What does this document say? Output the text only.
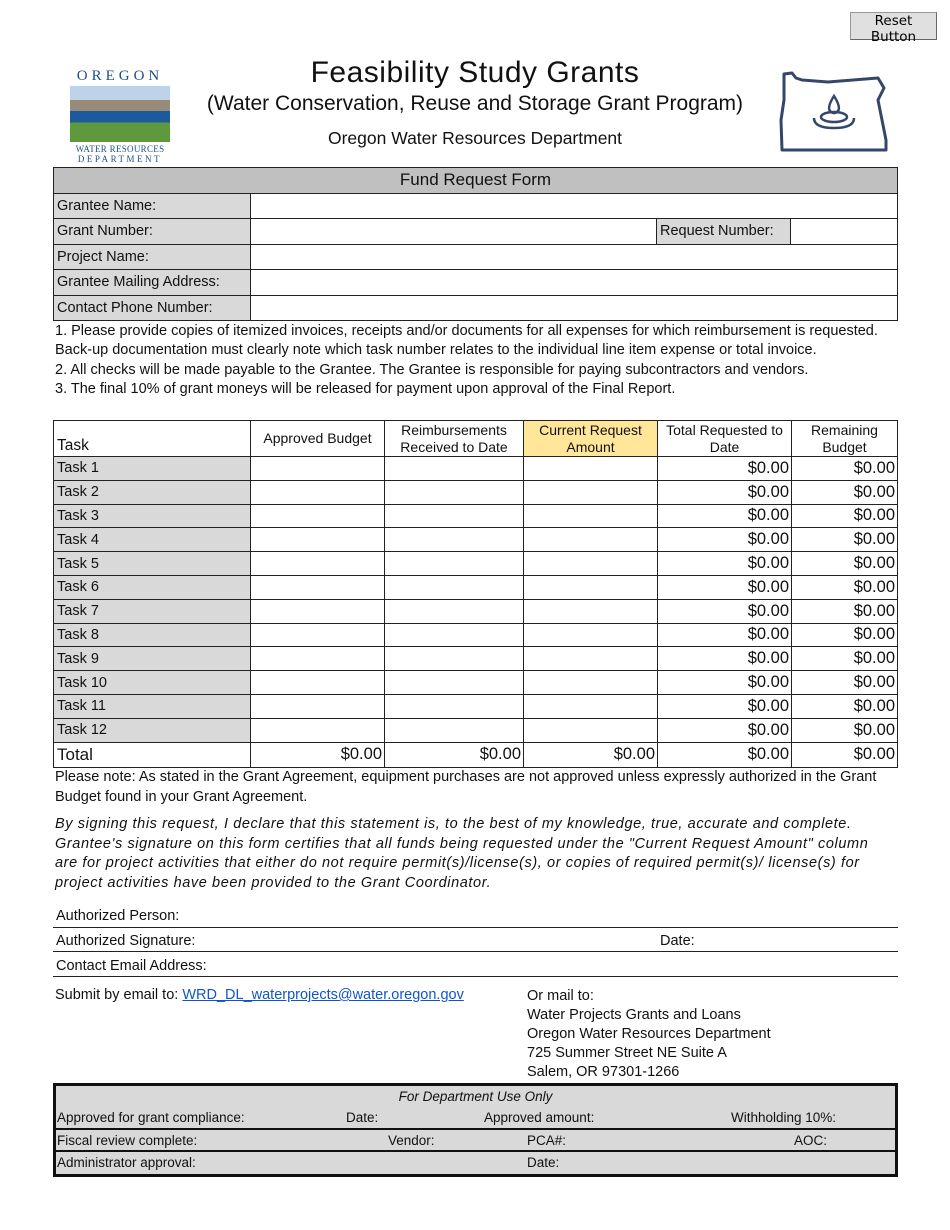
Reset Button
OREGON
WATER RESOURCES
DEPARTMENT
Feasibility Study Grants
(Water Conservation, Reuse and Storage Grant Program)
Oregon Water Resources Department
Fund Request Form			
Grantee Name:			
Grant Number:		Request Number:	
Project Name:			
Grantee Mailing Address:			
Contact Phone Number:			
1. Please provide copies of itemized invoices, receipts and/or documents for all expenses for which reimbursement is requested. Back-up documentation must clearly note which task number relates to the individual line item expense or total invoice.
2. All checks will be made payable to the Grantee. The Grantee is responsible for paying subcontractors and vendors.
3. The final 10% of grant moneys will be released for payment upon approval of the Final Report.
Task	Approved Budget	Reimbursements Received to Date	Current Request Amount	Total Requested to Date	Remaining Budget
Task 1				$0.00	$0.00
Task 2				$0.00	$0.00
Task 3				$0.00	$0.00
Task 4				$0.00	$0.00
Task 5				$0.00	$0.00
Task 6				$0.00	$0.00
Task 7				$0.00	$0.00
Task 8				$0.00	$0.00
Task 9				$0.00	$0.00
Task 10				$0.00	$0.00
Task 11				$0.00	$0.00
Task 12				$0.00	$0.00
Total	$0.00	$0.00	$0.00	$0.00	$0.00
Please note: As stated in the Grant Agreement, equipment purchases are not approved unless expressly authorized in the Grant Budget found in your Grant Agreement.
By signing this request, I declare that this statement is, to the best of my knowledge, true, accurate and complete. Grantee's signature on this form certifies that all funds being requested under the "Current Request Amount" column are for project activities that either do not require permit(s)/license(s), or copies of required permit(s)/ license(s) for project activities have been provided to the Grant Coordinator.
Authorized Person:
Authorized Signature:	Date:
Contact Email Address:
Submit by email to: WRD_DL_waterprojects@water.oregon.gov	Or mail to:
Water Projects Grants and Loans
Oregon Water Resources Department
725 Summer Street NE Suite A
Salem, OR 97301-1266
For Department Use Only
Approved for grant compliance:	Date:	Approved amount:	Withholding 10%:
Fiscal review complete:	Vendor:	PCA#:	AOC:
Administrator approval:	Date:
